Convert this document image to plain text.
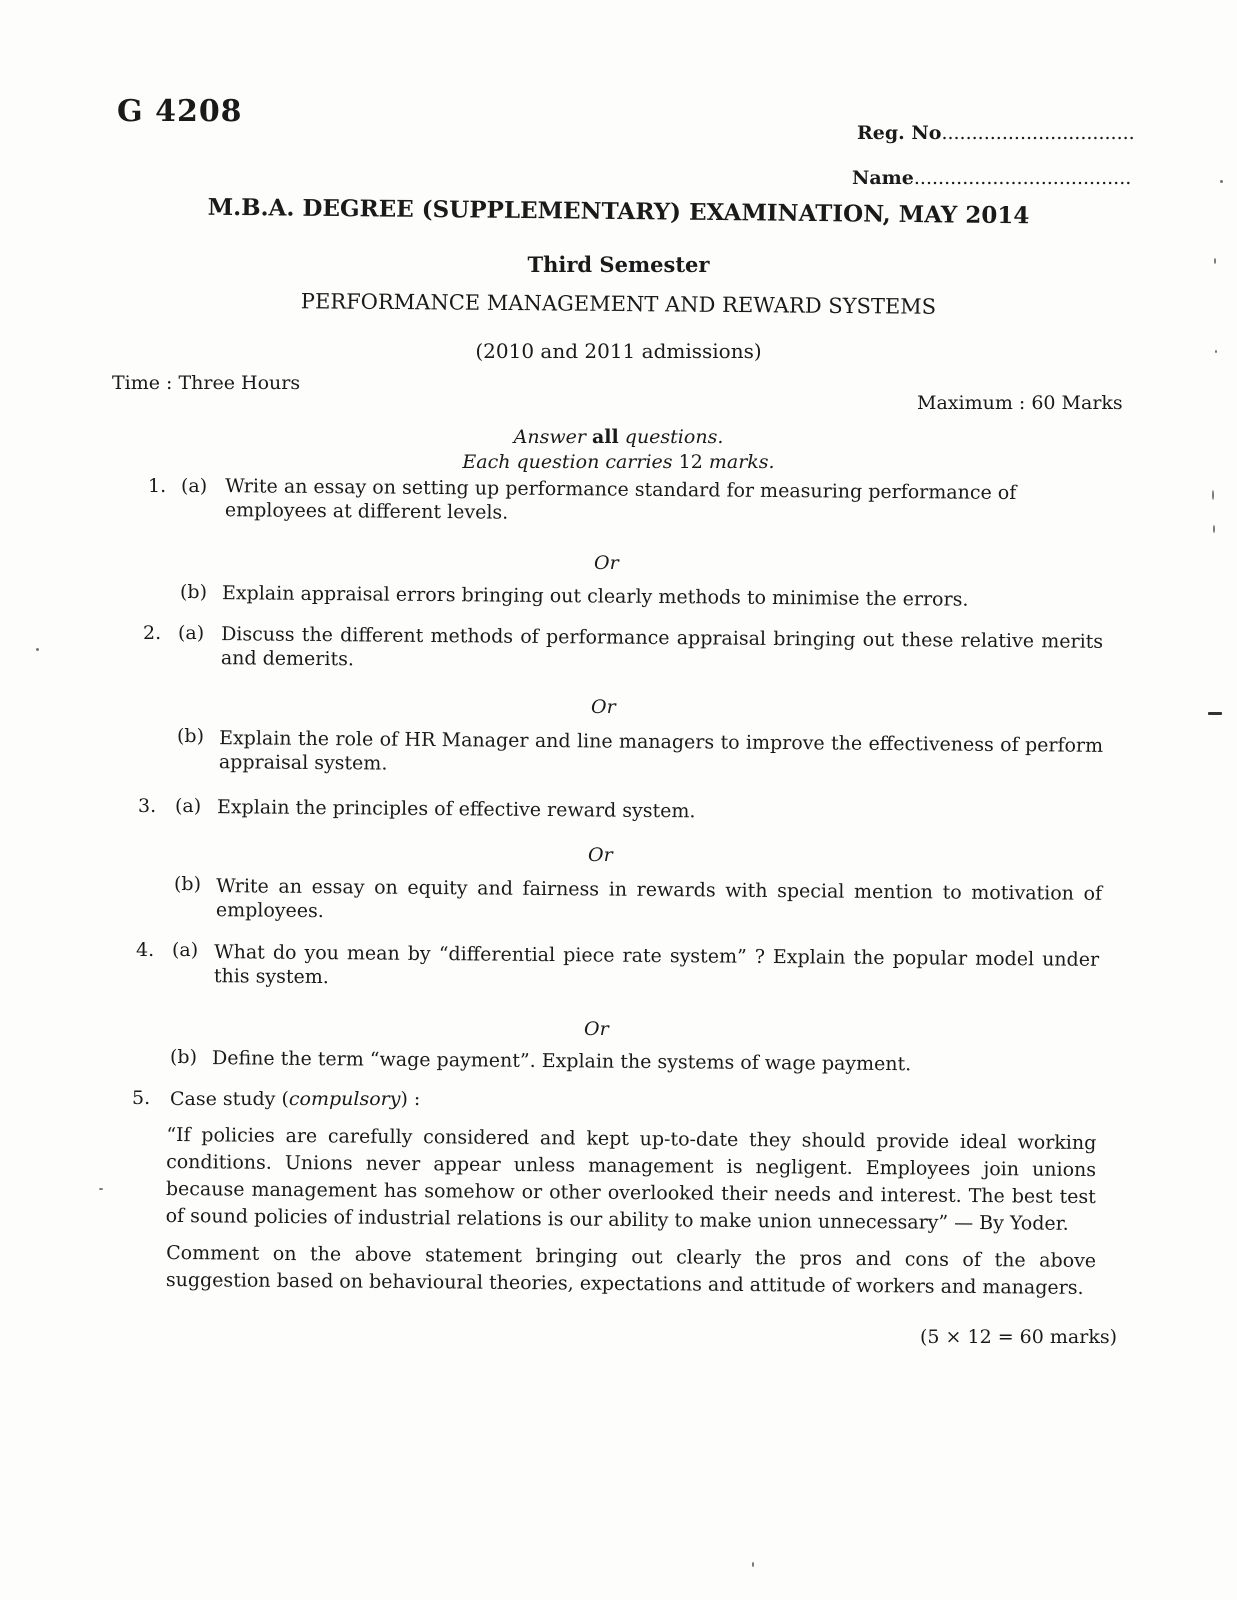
G 4208
Reg. No................................
Name....................................
M.B.A. DEGREE (SUPPLEMENTARY) EXAMINATION, MAY 2014
Third Semester
PERFORMANCE MANAGEMENT AND REWARD SYSTEMS
(2010 and 2011 admissions)
Time : Three Hours
Maximum : 60 Marks
Answer all questions.
Each question carries 12 marks.
1. (a) Write an essay on setting up performance standard for measuring performance of employees at different levels.
Or
(b) Explain appraisal errors bringing out clearly methods to minimise the errors.
2. (a) Discuss the different methods of performance appraisal bringing out these relative merits and demerits.
Or
(b) Explain the role of HR Manager and line managers to improve the effectiveness of perform appraisal system.
3. (a) Explain the principles of effective reward system.
Or
(b) Write an essay on equity and fairness in rewards with special mention to motivation of employees.
4. (a) What do you mean by “differential piece rate system” ? Explain the popular model under this system.
Or
(b) Define the term “wage payment”. Explain the systems of wage payment.
5.	Case study (compulsory) :
“If policies are carefully considered and kept up-to-date they should provide ideal working conditions. Unions never appear unless management is negligent. Employees join unions because management has somehow or other overlooked their needs and interest. The best test of sound policies of industrial relations is our ability to make union unnecessary” — By Yoder.
Comment on the above statement bringing out clearly the pros and cons of the above suggestion based on behavioural theories, expectations and attitude of workers and managers.
(5 × 12 = 60 marks)
